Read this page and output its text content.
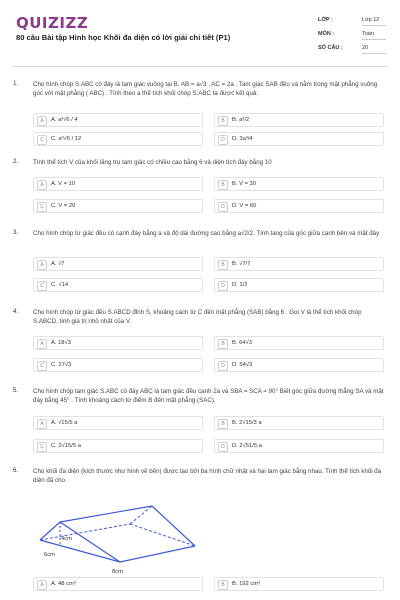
QUIZIZZ
80 câu Bài tập Hình học Khối đa diện có lời giải chi tiết (P1)
LỚP :	Lớp 12
MÔN :	Toán
SỐ CÂU :	20
1. Cho hình chóp S.ABC có đáy là tam giác vuông tại B, AB = a√3 , AC = 2a . Tam giác SAB đều và nằm trong mặt phẳng vuông góc với mặt phẳng ( ABC) . Tính theo a thể tích khối chóp S.ABC ta được kết quả:
A	A. a³√6 / 4	B	B. a³/2
C	C. a³√6 / 12	D	D. 3a³/4
2. Tính thể tích V của khối lăng trụ tam giác có chiều cao bằng 6 và diện tích đáy bằng 10
A	A. V = 10	B	B. V = 30
C	C. V = 20	D	D. V = 60
3. Cho hình chóp tứ giác đều có cạnh đáy bằng a và độ dài đường cao bằng a√2/2. Tính tang của góc giữa cạnh bên và mặt đáy
A	A. √7	B	B. √7/7
C	C. √14	D	D. 1/2
4. Cho hình chóp tứ giác đều S.ABCD đỉnh S, khoảng cách từ C đến mặt phẳng (SAB) bằng 6 . Gọi V là thể tích khối chóp S.ABCD, tính giá trị nhỏ nhất của V.
A	A. 18√3	B	B. 64√3
C	C. 27√3	D	D. 54√3
5. Cho hình chóp tam giác S.ABC có đáy ABC là tam giác đều cạnh 2a và SBA = SCA = 90° Biết góc giữa đường thẳng SA và mặt đáy bằng 45° . Tính khoảng cách từ điểm B đến mặt phẳng (SAC).
A	A. √15/5 a	B	B. 2√15/3 a
C	C. 2√15/5 a	D	D. 2√51/5 a
6. Cho khối đa diện (kích thước như hình vẽ bên) được tạo bởi ba hình chữ nhật và hai tam giác bằng nhau. Tính thể tích khối đa diện đã cho.
4cm
6cm
8cm
A	A. 48 cm³	B	B. 192 cm³
